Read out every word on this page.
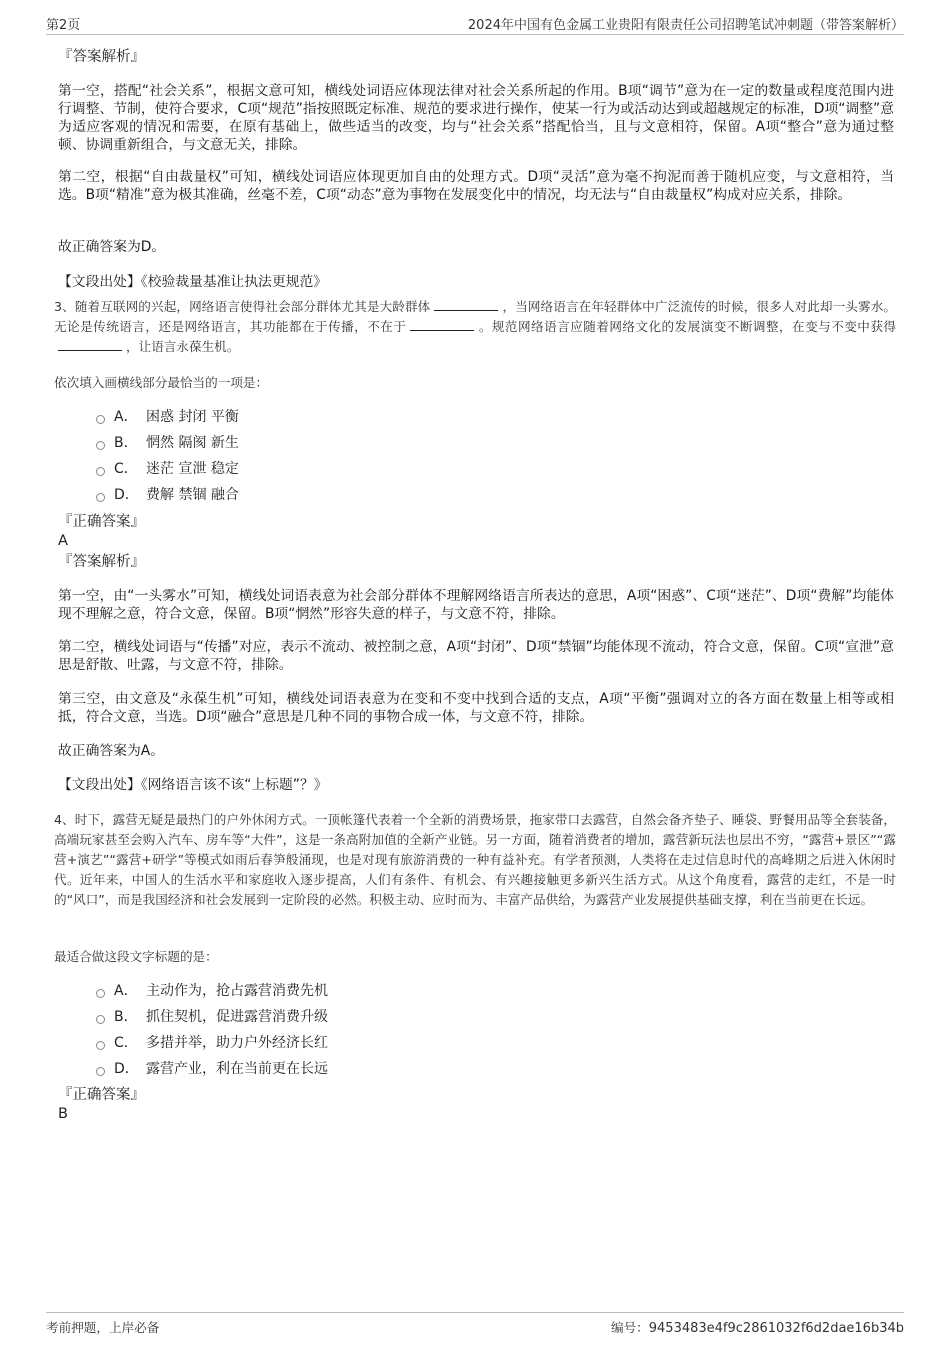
第2页	2024年中国有色金属工业贵阳有限责任公司招聘笔试冲刺题（带答案解析）
『答案解析』
第一空，搭配“社会关系”，根据文意可知，横线处词语应体现法律对社会关系所起的作用。B项“调节”意为在一定的数量或程度范围内进行调整、节制，使符合要求，C项“规范”指按照既定标准、规范的要求进行操作，使某一行为或活动达到或超越规定的标准，D项“调整”意为适应客观的情况和需要，在原有基础上，做些适当的改变，均与“社会关系”搭配恰当，且与文意相符，保留。A项“整合”意为通过整顿、协调重新组合，与文意无关，排除。
第二空，根据“自由裁量权”可知，横线处词语应体现更加自由的处理方式。D项“灵活”意为毫不拘泥而善于随机应变，与文意相符，当选。B项“精准”意为极其准确，丝毫不差，C项“动态”意为事物在发展变化中的情况，均无法与“自由裁量权”构成对应关系，排除。
故正确答案为D。
【文段出处】《校验裁量基准让执法更规范》
3、随着互联网的兴起，网络语言使得社会部分群体尤其是大龄群体	，当网络语言在年轻群体中广泛流传的时候，很多人对此却一头雾水。无论是传统语言，还是网络语言，其功能都在于传播，不在于	。规范网络语言应随着网络文化的发展演变不断调整，在变与不变中获得，让语言永葆生机。
依次填入画横线部分最恰当的一项是：
A． 困惑 封闭 平衡
B． 惘然 隔阂 新生
C． 迷茫 宣泄 稳定
D． 费解 禁锢 融合
『正确答案』
A
『答案解析』
第一空，由“一头雾水”可知，横线处词语表意为社会部分群体不理解网络语言所表达的意思，A项“困惑”、C项“迷茫”、D项“费解”均能体现不理解之意，符合文意，保留。B项“惘然”形容失意的样子，与文意不符，排除。
第二空，横线处词语与“传播”对应，表示不流动、被控制之意，A项“封闭”、D项“禁锢”均能体现不流动，符合文意，保留。C项“宣泄”意思是舒散、吐露，与文意不符，排除。
第三空，由文意及“永葆生机”可知，横线处词语表意为在变和不变中找到合适的支点，A项“平衡”强调对立的各方面在数量上相等或相抵，符合文意，当选。D项“融合”意思是几种不同的事物合成一体，与文意不符，排除。
故正确答案为A。
【文段出处】《网络语言该不该“上标题”？》
4、时下，露营无疑是最热门的户外休闲方式。一顶帐篷代表着一个全新的消费场景，拖家带口去露营，自然会备齐垫子、睡袋、野餐用品等全套装备，高端玩家甚至会购入汽车、房车等“大件”，这是一条高附加值的全新产业链。另一方面，随着消费者的增加，露营新玩法也层出不穷，“露营+景区”“露营+演艺”“露营+研学”等模式如雨后春笋般涌现，也是对现有旅游消费的一种有益补充。有学者预测，人类将在走过信息时代的高峰期之后进入休闲时代。近年来，中国人的生活水平和家庭收入逐步提高，人们有条件、有机会、有兴趣接触更多新兴生活方式。从这个角度看，露营的走红，不是一时的“风口”，而是我国经济和社会发展到一定阶段的必然。积极主动、应时而为、丰富产品供给，为露营产业发展提供基础支撑，利在当前更在长远。
最适合做这段文字标题的是：
A． 主动作为，抢占露营消费先机
B． 抓住契机，促进露营消费升级
C． 多措并举，助力户外经济长红
D． 露营产业，利在当前更在长远
『正确答案』
B
考前押题，上岸必备	编号：9453483e4f9c2861032f6d2dae16b34b
